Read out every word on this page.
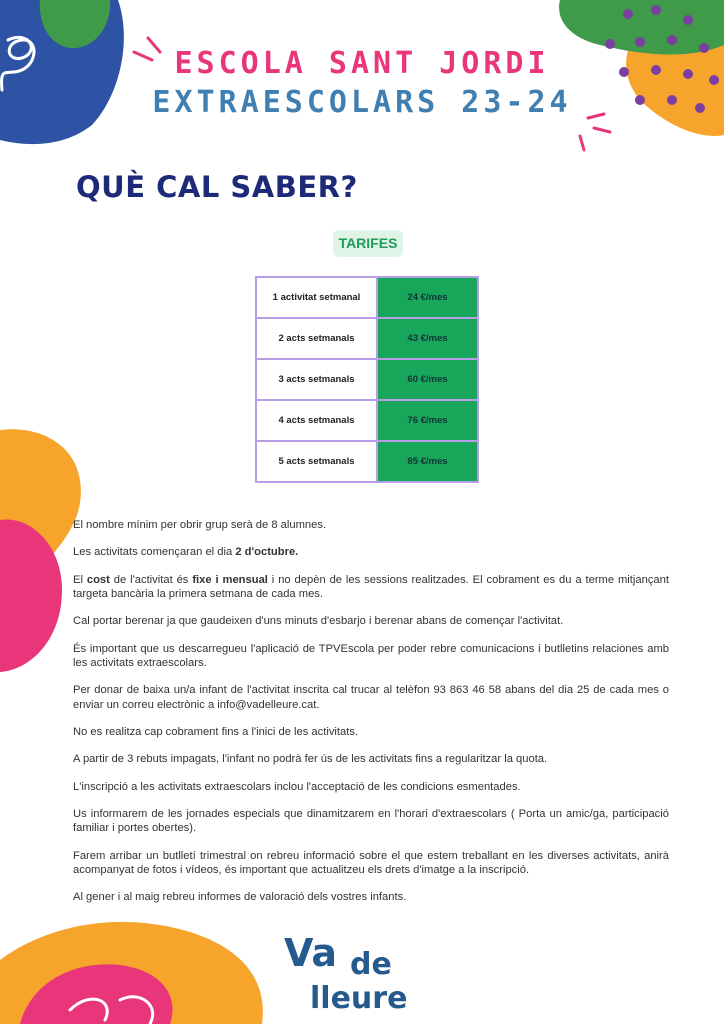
ESCOLA SANT JORDI
EXTRAESCOLARS 23-24
QUÈ CAL SABER?
TARIFES
1 activitat setmanal	24 €/mes
2 acts setmanals	43 €/mes
3 acts setmanals	60 €/mes
4 acts setmanals	76 €/mes
5 acts setmanals	85 €/mes

El nombre mínim per obrir grup serà de 8 alumnes.

Les activitats començaran el dia 2 d'octubre.

El cost de l'activitat és fixe i mensual i no depèn de les sessions realitzades. El cobrament es du a terme mitjançant targeta bancària la primera setmana de cada mes.

Cal portar berenar ja que gaudeixen d'uns minuts d'esbarjo i berenar abans de començar l'activitat.

És important que us descarregueu l'aplicació de TPVEscola per poder rebre comunicacions i butlletins relaciones amb les activitats extraescolars.

Per donar de baixa un/a infant de l'activitat inscrita cal trucar al telèfon 93 863 46 58 abans del dia 25 de cada mes o enviar un correu electrònic a info@vadelleure.cat.

No es realitza cap cobrament fins a l'inici de les activitats.

A partir de 3 rebuts impagats, l'infant no podrà fer ús de les activitats fins a regularitzar la quota.

L'inscripció a les activitats extraescolars inclou l'acceptació de les condicions esmentades.

Us informarem de les jornades especials que dinamitzarem en l'horari d'extraescolars ( Porta un amic/ga, participació familiar i portes obertes).

Farem arribar un butlletí trimestral on rebreu informació sobre el que estem treballant en les diverses activitats, anirà acompanyat de fotos i vídeos, és important que actualitzeu els drets d'imatge a la inscripció.

Al gener i al maig rebreu informes de valoració dels vostres infants.

Va de
lleure
